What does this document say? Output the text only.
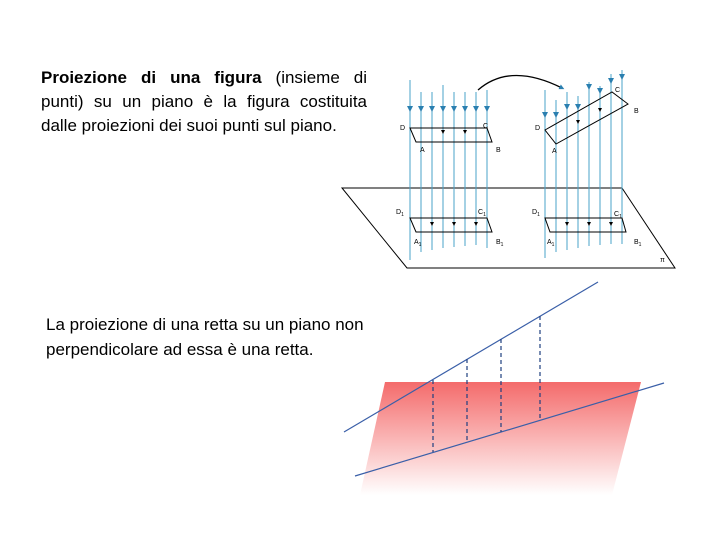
Proiezione di una figura (insieme di punti) su un piano è la figura costituita dalle proiezioni dei suoi punti sul piano.
La proiezione di una retta su un piano non perpendicolare ad essa è una retta.
D	C
A	B
$D_1$	$C_1$
$A_1$	$B_1$
D
C
A
B
$D_1$	$C_1$
$A_1$	$B_1$
π
